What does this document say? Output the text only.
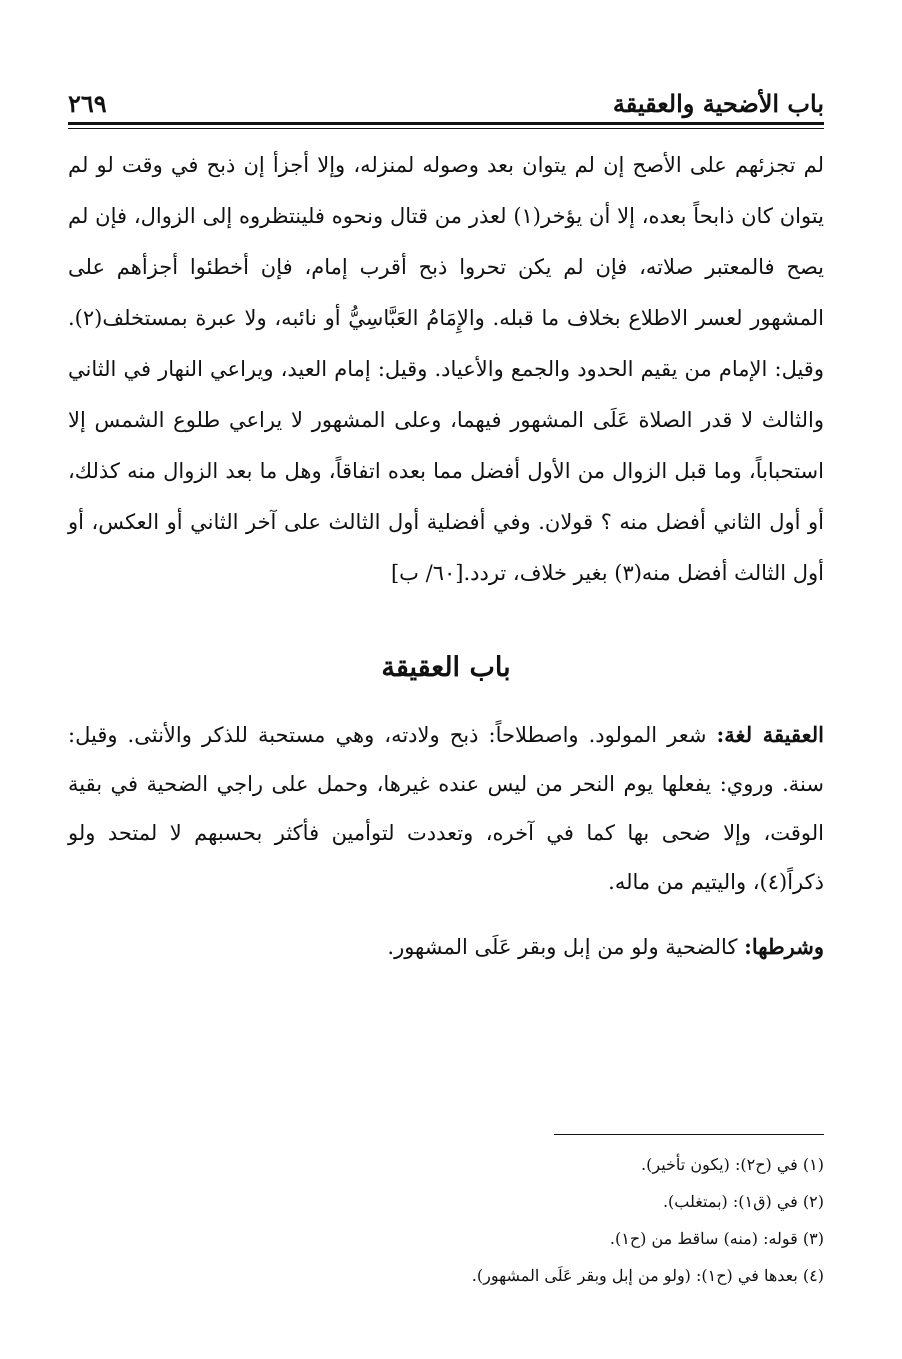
باب الأضحية والعقيقة
٢٦٩

لم تجزئهم على الأصح إن لم يتوان بعد وصوله لمنزله، وإلا أجزأ إن ذبح في وقت لو لم يتوان كان ذابحاً بعده، إلا أن يؤخر(١) لعذر من قتال ونحوه فلينتظروه إلى الزوال، فإن لم يصح فالمعتبر صلاته، فإن لم يكن تحروا ذبح أقرب إمام، فإن أخطئوا أجزأهم على المشهور لعسر الاطلاع بخلاف ما قبله. والإِمَامُ العَبَّاسِيُّ أو نائبه، ولا عبرة بمستخلف(٢). وقيل: الإمام من يقيم الحدود والجمع والأعياد. وقيل: إمام العيد، ويراعي النهار في الثاني والثالث لا قدر الصلاة عَلَى المشهور فيهما، وعلى المشهور لا يراعي طلوع الشمس إلا استحباباً، وما قبل الزوال من الأول أفضل مما بعده اتفاقاً، وهل ما بعد الزوال منه كذلك، أو أول الثاني أفضل منه ؟ قولان. وفي أفضلية أول الثالث على آخر الثاني أو العكس، أو أول الثالث أفضل منه(٣) بغير خلاف، تردد.[٦٠/ ب]

باب العقيقة

العقيقة لغة: شعر المولود. واصطلاحاً: ذبح ولادته، وهي مستحبة للذكر والأنثى. وقيل: سنة. وروي: يفعلها يوم النحر من ليس عنده غيرها، وحمل على راجي الضحية في بقية الوقت، وإلا ضحى بها كما في آخره، وتعددت لتوأمين فأكثر بحسبهم لا لمتحد ولو ذكراً(٤)، واليتيم من ماله.

وشرطها: كالضحية ولو من إبل وبقر عَلَى المشهور.
(١) في (ح٢): (يكون تأخير).
(٢) في (ق١): (بمتغلب).
(٣) قوله: (منه) ساقط من (ح١).
(٤) بعدها في (ح١): (ولو من إبل وبقر عَلَى المشهور).
